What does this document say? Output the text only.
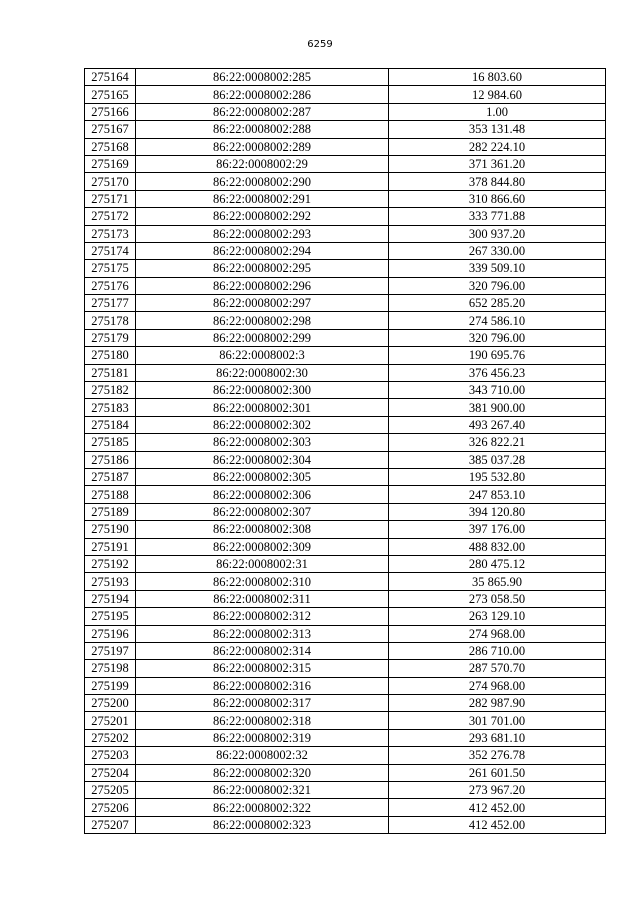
6259
275164	86:22:0008002:285	16 803.60
275165	86:22:0008002:286	12 984.60
275166	86:22:0008002:287	1.00
275167	86:22:0008002:288	353 131.48
275168	86:22:0008002:289	282 224.10
275169	86:22:0008002:29	371 361.20
275170	86:22:0008002:290	378 844.80
275171	86:22:0008002:291	310 866.60
275172	86:22:0008002:292	333 771.88
275173	86:22:0008002:293	300 937.20
275174	86:22:0008002:294	267 330.00
275175	86:22:0008002:295	339 509.10
275176	86:22:0008002:296	320 796.00
275177	86:22:0008002:297	652 285.20
275178	86:22:0008002:298	274 586.10
275179	86:22:0008002:299	320 796.00
275180	86:22:0008002:3	190 695.76
275181	86:22:0008002:30	376 456.23
275182	86:22:0008002:300	343 710.00
275183	86:22:0008002:301	381 900.00
275184	86:22:0008002:302	493 267.40
275185	86:22:0008002:303	326 822.21
275186	86:22:0008002:304	385 037.28
275187	86:22:0008002:305	195 532.80
275188	86:22:0008002:306	247 853.10
275189	86:22:0008002:307	394 120.80
275190	86:22:0008002:308	397 176.00
275191	86:22:0008002:309	488 832.00
275192	86:22:0008002:31	280 475.12
275193	86:22:0008002:310	35 865.90
275194	86:22:0008002:311	273 058.50
275195	86:22:0008002:312	263 129.10
275196	86:22:0008002:313	274 968.00
275197	86:22:0008002:314	286 710.00
275198	86:22:0008002:315	287 570.70
275199	86:22:0008002:316	274 968.00
275200	86:22:0008002:317	282 987.90
275201	86:22:0008002:318	301 701.00
275202	86:22:0008002:319	293 681.10
275203	86:22:0008002:32	352 276.78
275204	86:22:0008002:320	261 601.50
275205	86:22:0008002:321	273 967.20
275206	86:22:0008002:322	412 452.00
275207	86:22:0008002:323	412 452.00
